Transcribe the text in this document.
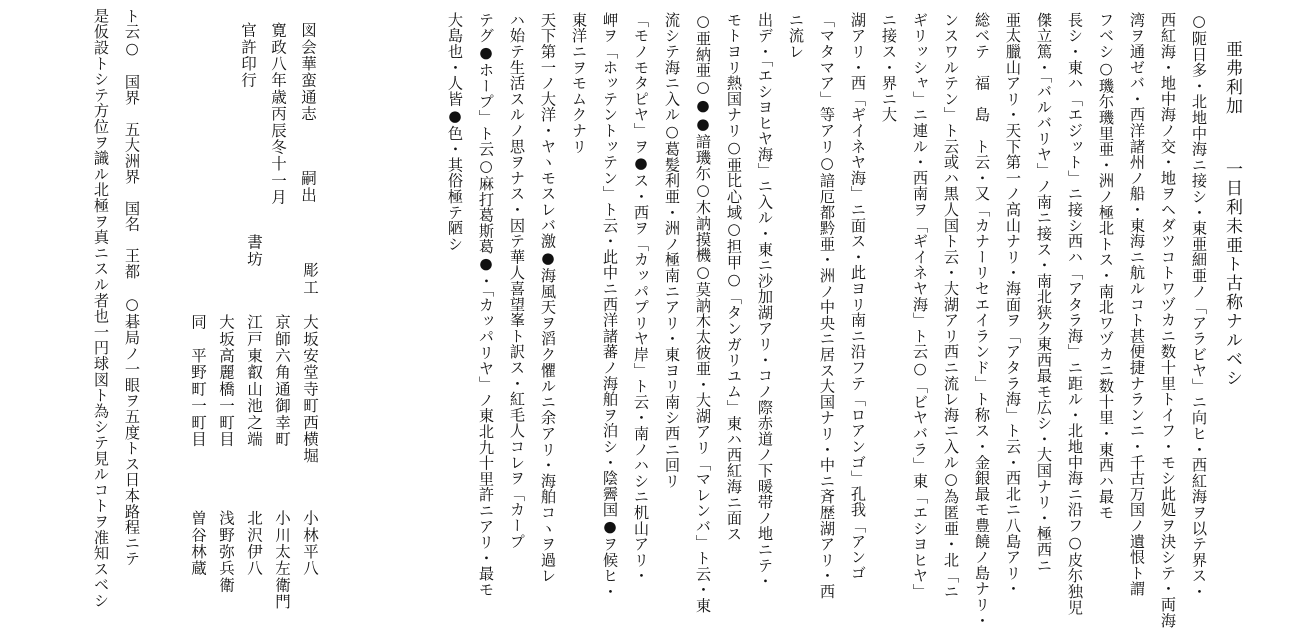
亜弗利加
一日利未亜ト古称ナルベシ
○阨日多・北地中海ニ接シ・東亜細亜ノ「アラビヤ」ニ向ヒ・西紅海ヲ以テ界ス・
西紅海・地中海ノ交・地ヲヘダツコトワヅカニ数十里トイフ・モシ此処ヲ決シテ・両海
湾ヲ通ゼバ・西洋諸州ノ船・東海ニ航ルコト甚便捷ナランニ・千古万国ノ遺恨ト謂
フベシ○璣尓璣里亜・洲ノ極北トス・南北ワヅカニ数十里・東西ハ最モ
長シ・東ハ「エジット」ニ接シ西ハ「アタラ海」ニ距ル・北地中海ニ沿フ○皮尓独児
傑立篤・「バルバリヤ」ノ南ニ接ス・南北狭ク東西最モ広シ・大国ナリ・極西ニ
亜太臘山アリ・天下第一ノ高山ナリ・海面ヲ「アタラ海」ト云・西北ニ八島アリ・
総ベテ　福　島　ト云・又「カナーリセエイランド」ト称ス・金銀最モ豊饒ノ島ナリ・
ンスワルテン」ト云或ハ黒人国ト云・大湖アリ西ニ流レ海ニ入ル○為匿亜・北「ニ
ギリッシャ」ニ連ル・西南ヲ「ギイネヤ海」ト云○「ビヤバラ」東「エシヨヒヤ」
ニ接ス・界ニ大
湖アリ・西「ギイネヤ海」ニ面ス・此ヨリ南ニ沿フテ「ロアンゴ」孔我「アンゴ
「マタマア」等アリ○諳厄都黔亜・洲ノ中央ニ居ス大国ナリ・中ニ斉歴湖アリ・西
ニ流レ
出デ・「エシヨヒヤ海」ニ入ル・東ニ沙加湖アリ・コノ際赤道ノ下暖帯ノ地ニテ・
モトヨリ熱国ナリ○亜比心域○担甲○「タンガリユム」東ハ西紅海ニ面ス
○亜納亜○●●諳璣尓○木訥摸機○莫訥木太彼亜・大湖アリ「マレンバ」ト云・東
流シテ海ニ入ル○葛髪利亜・洲ノ極南ニアリ・東ヨリ南シ西ニ回リ
「モノモタピヤ」ヲ●ス・西ヲ「カッパプリヤ岸」ト云・南ノハシニ机山アリ・
岬ヲ「ホッテントッテン」ト云・此中ニ西洋諸蕃ノ海舶ヲ泊シ・陰霽国●ヲ候ヒ・
東洋ニヲモムクナリ
天下第一ノ大洋・ヤヽモスレバ激●海風天ヲ滔ク懼ルニ余アリ・海舶コヽヲ過レ
ハ始テ生活スルノ思ヲナス・因テ華人喜望峯ト訳ス・紅毛人コレヲ「カープ
テグ●ホープ」ト云○麻打葛斯葛●・「カッパリヤ」ノ東北九十里許ニアリ・最モ
大島也・人皆●色・其俗極テ陋シ
図会華蛮通志
嗣出
寛政八年歳丙辰冬十一月
官許印行
彫工
大坂安堂寺町西横堀
小林平八
京師六角通御幸町
小川太左衛門
書坊
江戸東叡山池之端
北沢伊八
大坂高麗橋一町目
浅野弥兵衛
同　平野町一町目
曽谷林蔵
ト云○　国界　五大洲界　国名　王都　○碁局ノ一眼ヲ五度トス日本路程ニテ
是仮設トシテ方位ヲ識ル北極ヲ真ニスル者也一円球図ト為シテ見ルコトヲ准知スベシ
